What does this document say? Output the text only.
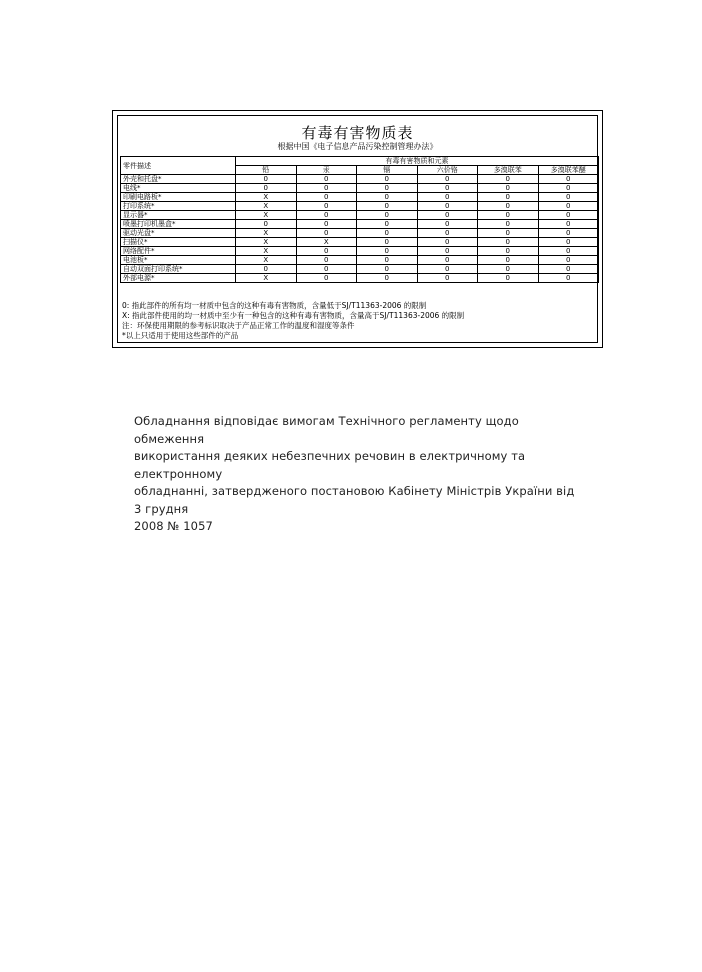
有毒有害物质表
根据中国《电子信息产品污染控制管理办法》
零件描述	有毒有害物质和元素					
	铅	汞	镉	六价铬	多溴联苯	多溴联苯醚
外壳和托盘*	0	0	0	0	0	0
电线*	0	0	0	0	0	0
印刷电路板*	X	0	0	0	0	0
打印系统*	X	0	0	0	0	0
显示器*	X	0	0	0	0	0
喷墨打印机墨盒*	0	0	0	0	0	0
驱动光盘*	X	0	0	0	0	0
扫描仪*	X	X	0	0	0	0
网络配件*	X	0	0	0	0	0
电池板*	X	0	0	0	0	0
自动双面打印系统*	0	0	0	0	0	0
外部电源*	X	0	0	0	0	0
0: 指此部件的所有均一材质中包含的这种有毒有害物质，含量低于SJ/T11363-2006 的限制
X: 指此部件使用的均一材质中至少有一种包含的这种有毒有害物质，含量高于SJ/T11363-2006 的限制
注：环保使用期限的参考标识取决于产品正常工作的温度和湿度等条件
*以上只适用于使用这些部件的产品
Обладнання відповідає вимогам Технічного регламенту щодо обмеження
використання деяких небезпечних речовин в електричному та електронному
обладнанні, затвердженого постановою Кабінету Міністрів України від 3 грудня
2008 № 1057
